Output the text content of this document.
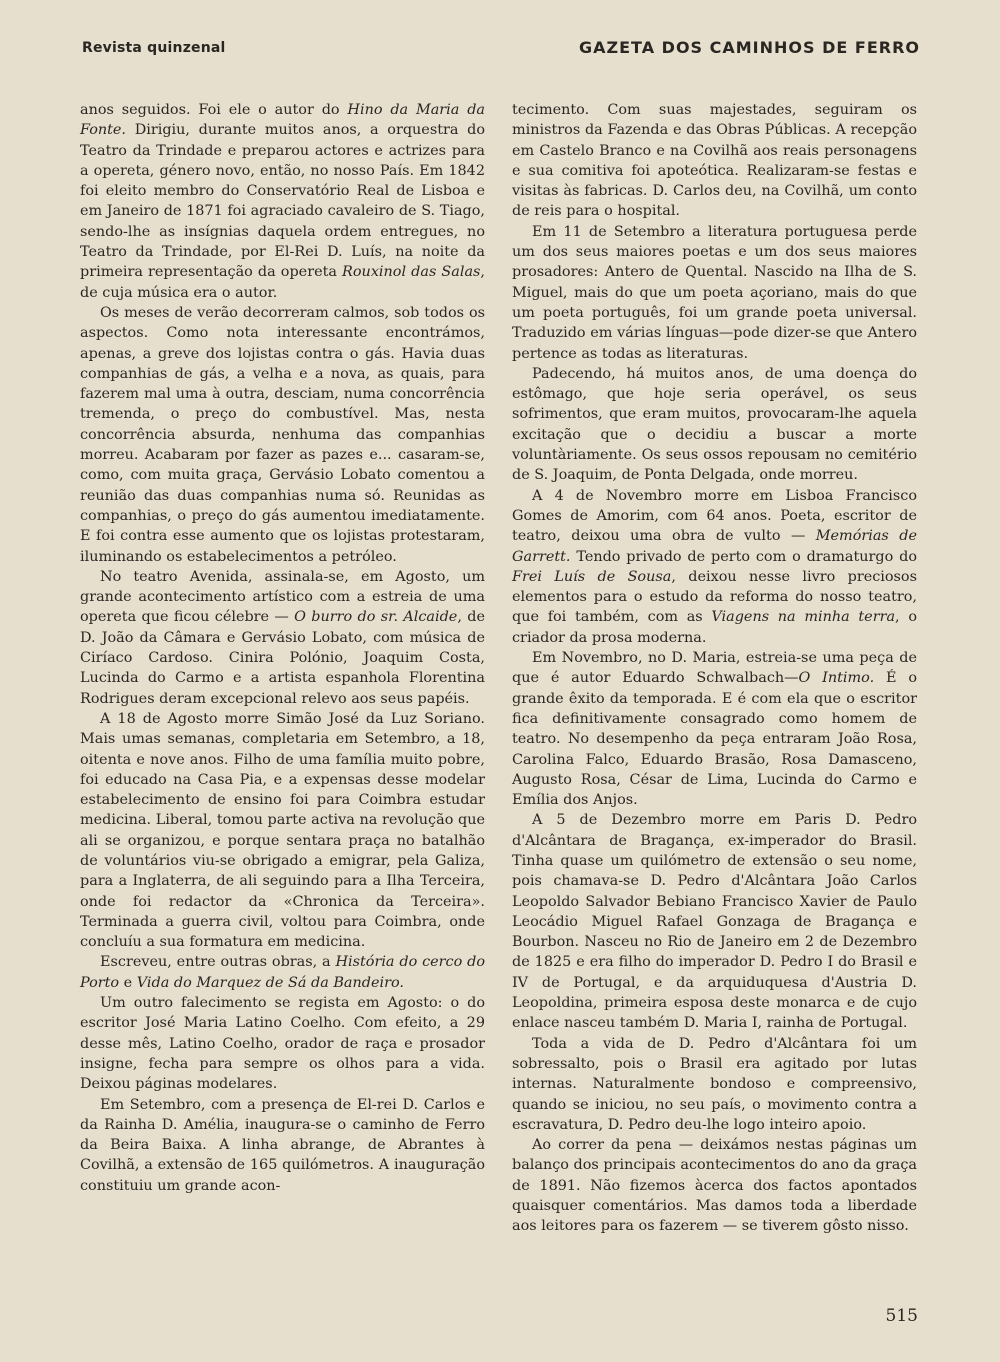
Revista quinzenal	GAZETA DOS CAMINHOS DE FERRO

anos seguidos. Foi ele o autor do Hino da Maria da Fonte. Dirigiu, durante muitos anos, a orquestra do Teatro da Trindade e preparou actores e actrizes para a opereta, género novo, então, no nosso País. Em 1842 foi eleito membro do Conservatório Real de Lisboa e em Janeiro de 1871 foi agraciado cavaleiro de S. Tiago, sendo-lhe as insígnias daquela ordem entregues, no Teatro da Trindade, por El-Rei D. Luís, na noite da primeira representação da opereta Rouxinol das Salas, de cuja música era o autor.

Os meses de verão decorreram calmos, sob todos os aspectos. Como nota interessante encontrámos, apenas, a greve dos lojistas contra o gás. Havia duas companhias de gás, a velha e a nova, as quais, para fazerem mal uma à outra, desciam, numa concorrência tremenda, o preço do combustível. Mas, nesta concorrência absurda, nenhuma das companhias morreu. Acabaram por fazer as pazes e... casaram-se, como, com muita graça, Gervásio Lobato comentou a reunião das duas companhias numa só. Reunidas as companhias, o preço do gás aumentou imediatamente. E foi contra esse aumento que os lojistas protestaram, iluminando os estabelecimentos a petróleo.

No teatro Avenida, assinala-se, em Agosto, um grande acontecimento artístico com a estreia de uma opereta que ficou célebre — O burro do sr. Alcaide, de D. João da Câmara e Gervásio Lobato, com música de Ciríaco Cardoso. Cinira Polónio, Joaquim Costa, Lucinda do Carmo e a artista espanhola Florentina Rodrigues deram excepcional relevo aos seus papéis.

A 18 de Agosto morre Simão José da Luz Soriano. Mais umas semanas, completaria em Setembro, a 18, oitenta e nove anos. Filho de uma família muito pobre, foi educado na Casa Pia, e a expensas desse modelar estabelecimento de ensino foi para Coimbra estudar medicina. Liberal, tomou parte activa na revolução que ali se organizou, e porque sentara praça no batalhão de voluntários viu-se obrigado a emigrar, pela Galiza, para a Inglaterra, de ali seguindo para a Ilha Terceira, onde foi redactor da «Chronica da Terceira». Terminada a guerra civil, voltou para Coimbra, onde concluíu a sua formatura em medicina.

Escreveu, entre outras obras, a História do cerco do Porto e Vida do Marquez de Sá da Bandeiro.

Um outro falecimento se regista em Agosto: o do escritor José Maria Latino Coelho. Com efeito, a 29 desse mês, Latino Coelho, orador de raça e prosador insigne, fecha para sempre os olhos para a vida. Deixou páginas modelares.

Em Setembro, com a presença de El-rei D. Carlos e da Rainha D. Amélia, inaugura-se o caminho de Ferro da Beira Baixa. A linha abrange, de Abrantes à Covilhã, a extensão de 165 quilómetros. A inauguração constituiu um grande acon-

tecimento. Com suas majestades, seguiram os ministros da Fazenda e das Obras Públicas. A recepção em Castelo Branco e na Covilhã aos reais personagens e sua comitiva foi apoteótica. Realizaram-se festas e visitas às fabricas. D. Carlos deu, na Covilhã, um conto de reis para o hospital.

Em 11 de Setembro a literatura portuguesa perde um dos seus maiores poetas e um dos seus maiores prosadores: Antero de Quental. Nascido na Ilha de S. Miguel, mais do que um poeta açoriano, mais do que um poeta português, foi um grande poeta universal. Traduzido em várias línguas—pode dizer-se que Antero pertence as todas as literaturas.

Padecendo, há muitos anos, de uma doença do estômago, que hoje seria operável, os seus sofrimentos, que eram muitos, provocaram-lhe aquela excitação que o decidiu a buscar a morte voluntàriamente. Os seus ossos repousam no cemitério de S. Joaquim, de Ponta Delgada, onde morreu.

A 4 de Novembro morre em Lisboa Francisco Gomes de Amorim, com 64 anos. Poeta, escritor de teatro, deixou uma obra de vulto — Memórias de Garrett. Tendo privado de perto com o dramaturgo do Frei Luís de Sousa, deixou nesse livro preciosos elementos para o estudo da reforma do nosso teatro, que foi também, com as Viagens na minha terra, o criador da prosa moderna.

Em Novembro, no D. Maria, estreia-se uma peça de que é autor Eduardo Schwalbach—O Intimo. É o grande êxito da temporada. E é com ela que o escritor fica definitivamente consagrado como homem de teatro. No desempenho da peça entraram João Rosa, Carolina Falco, Eduardo Brasão, Rosa Damasceno, Augusto Rosa, César de Lima, Lucinda do Carmo e Emília dos Anjos.

A 5 de Dezembro morre em Paris D. Pedro d'Alcântara de Bragança, ex-imperador do Brasil. Tinha quase um quilómetro de extensão o seu nome, pois chamava-se D. Pedro d'Alcântara João Carlos Leopoldo Salvador Bebiano Francisco Xavier de Paulo Leocádio Miguel Rafael Gonzaga de Bragança e Bourbon. Nasceu no Rio de Janeiro em 2 de Dezembro de 1825 e era filho do imperador D. Pedro I do Brasil e IV de Portugal, e da arquiduquesa d'Austria D. Leopoldina, primeira esposa deste monarca e de cujo enlace nasceu também D. Maria I, rainha de Portugal.

Toda a vida de D. Pedro d'Alcântara foi um sobressalto, pois o Brasil era agitado por lutas internas. Naturalmente bondoso e compreensivo, quando se iniciou, no seu país, o movimento contra a escravatura, D. Pedro deu-lhe logo inteiro apoio.

Ao correr da pena — deixámos nestas páginas um balanço dos principais acontecimentos do ano da graça de 1891. Não fizemos àcerca dos factos apontados quaisquer comentários. Mas damos toda a liberdade aos leitores para os fazerem — se tiverem gôsto nisso.

515
